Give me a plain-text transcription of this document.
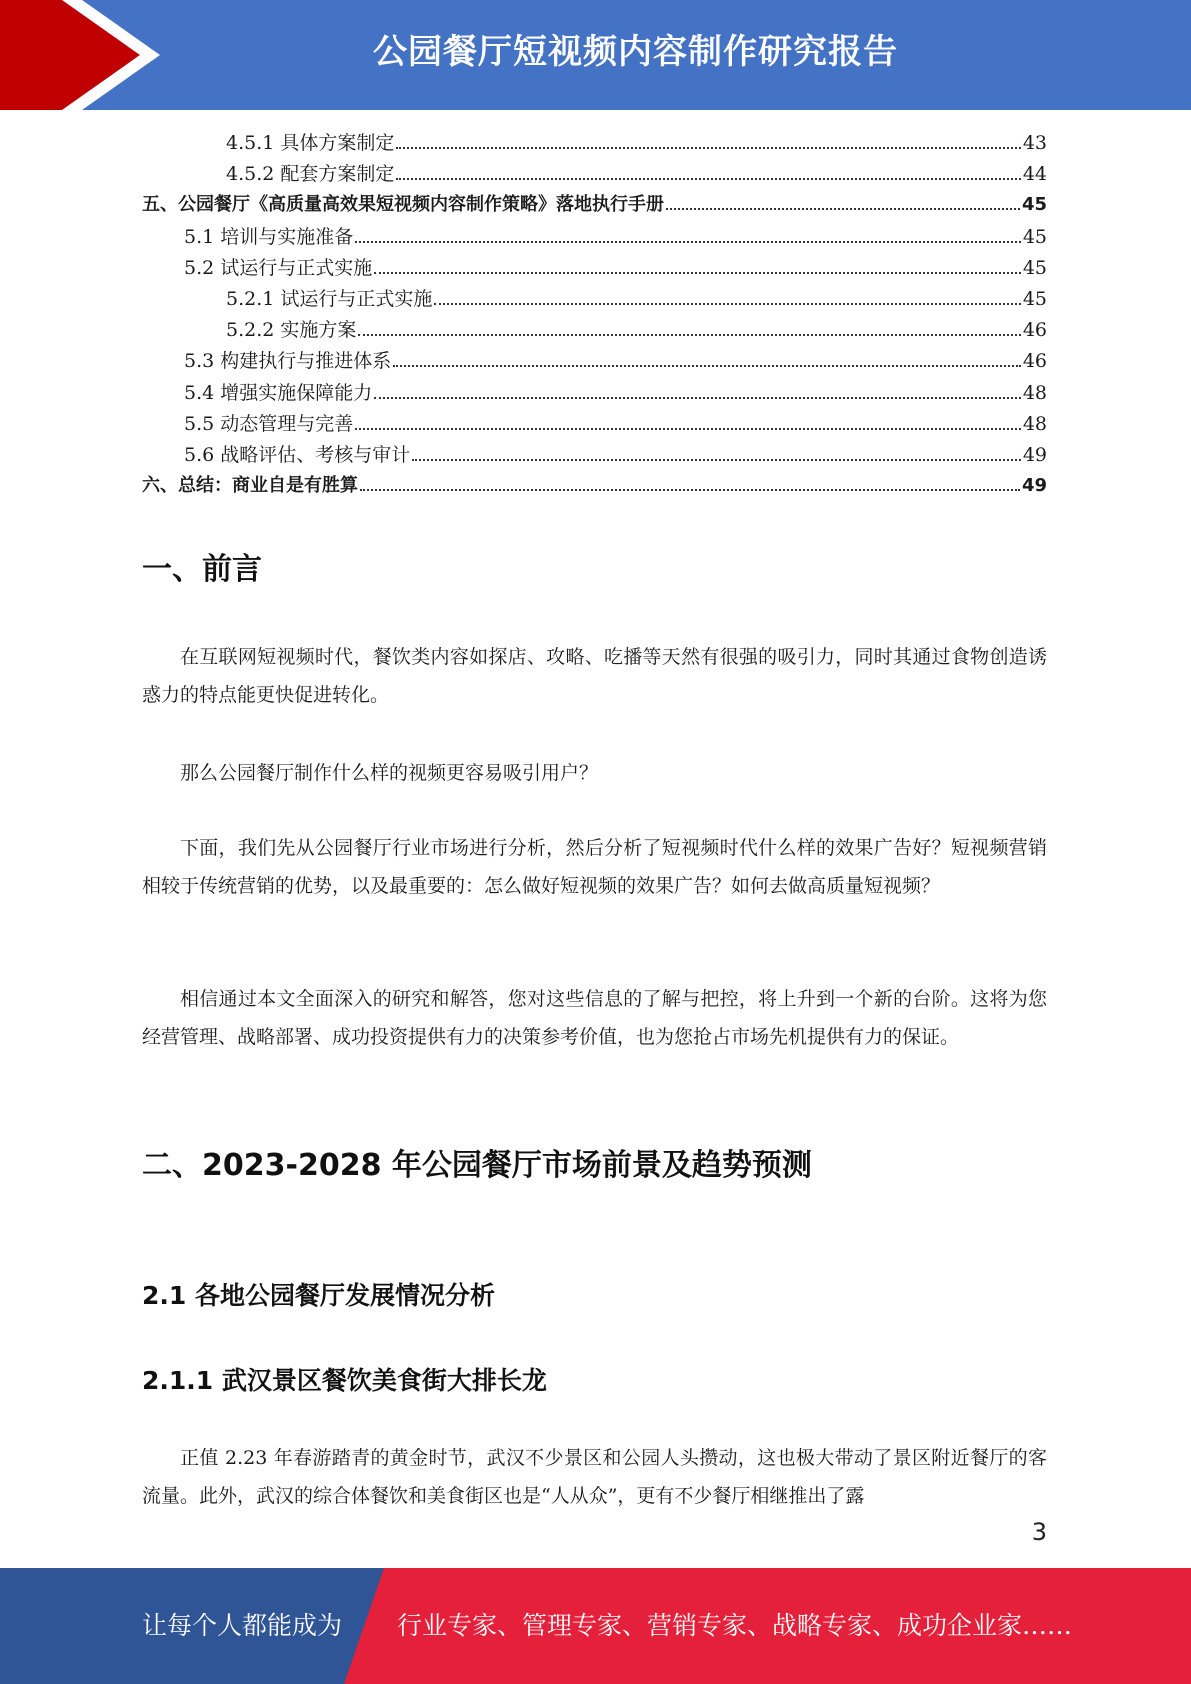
公园餐厅短视频内容制作研究报告
4.5.1 具体方案制定	43
4.5.2 配套方案制定	44
五、公园餐厅《高质量高效果短视频内容制作策略》落地执行手册	45
5.1 培训与实施准备	45
5.2 试运行与正式实施	45
5.2.1 试运行与正式实施	45
5.2.2 实施方案	46
5.3 构建执行与推进体系	46
5.4 增强实施保障能力	48
5.5 动态管理与完善	48
5.6 战略评估、考核与审计	49
六、总结：商业自是有胜算	49
一、前言
在互联网短视频时代，餐饮类内容如探店、攻略、吃播等天然有很强的吸引力，同时其通过食物创造诱惑力的特点能更快促进转化。
那么公园餐厅制作什么样的视频更容易吸引用户？
下面，我们先从公园餐厅行业市场进行分析，然后分析了短视频时代什么样的效果广告好？短视频营销相较于传统营销的优势，以及最重要的：怎么做好短视频的效果广告？如何去做高质量短视频？
相信通过本文全面深入的研究和解答，您对这些信息的了解与把控，将上升到一个新的台阶。这将为您经营管理、战略部署、成功投资提供有力的决策参考价值，也为您抢占市场先机提供有力的保证。
二、2023-2028 年公园餐厅市场前景及趋势预测
2.1 各地公园餐厅发展情况分析
2.1.1 武汉景区餐饮美食街大排长龙
正值 2.23 年春游踏青的黄金时节，武汉不少景区和公园人头攒动，这也极大带动了景区附近餐厅的客流量。此外，武汉的综合体餐饮和美食街区也是“人从众”，更有不少餐厅相继推出了露
3
让每个人都能成为 行业专家、管理专家、营销专家、战略专家、成功企业家……
